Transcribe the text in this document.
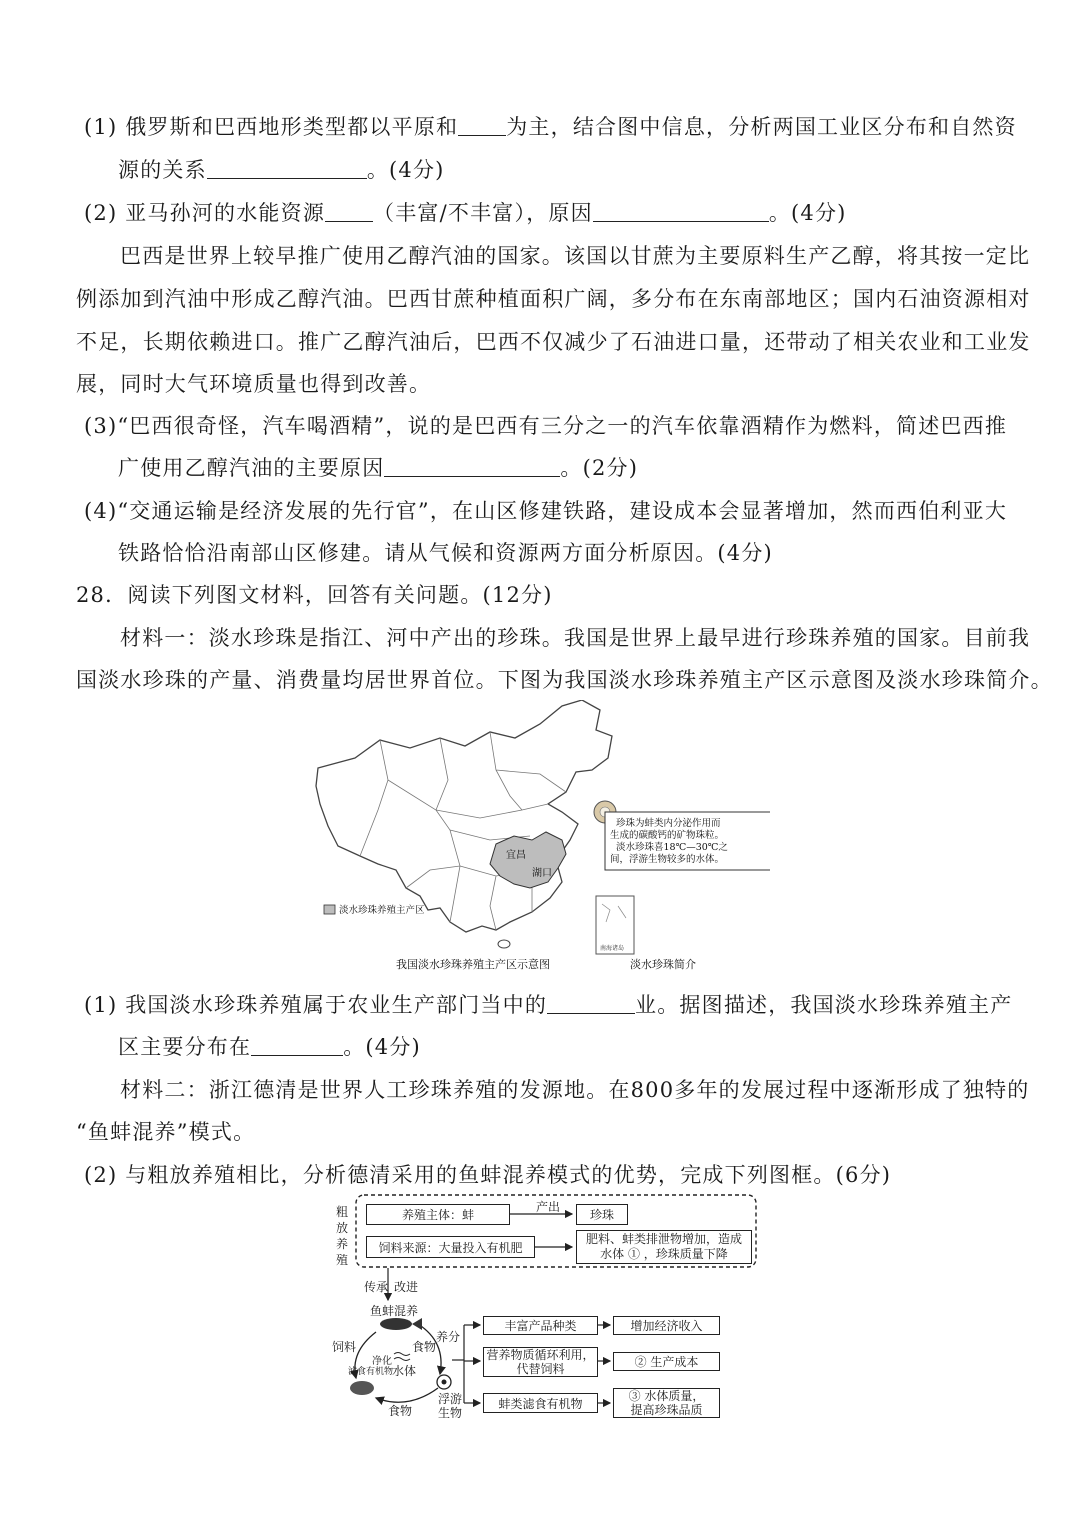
(1) 俄罗斯和巴西地形类型都以平原和 为主，结合图中信息，分析两国工业区分布和自然资
源的关系	。(4分)
(2) 亚马孙河的水能资源 （丰富/不丰富），原因	。(4分)
巴西是世界上较早推广使用乙醇汽油的国家。该国以甘蔗为主要原料生产乙醇，将其按一定比
例添加到汽油中形成乙醇汽油。巴西甘蔗种植面积广阔，多分布在东南部地区；国内石油资源相对
不足，长期依赖进口。推广乙醇汽油后，巴西不仅减少了石油进口量，还带动了相关农业和工业发
展，同时大气环境质量也得到改善。
(3)“巴西很奇怪，汽车喝酒精”，说的是巴西有三分之一的汽车依靠酒精作为燃料，简述巴西推
广使用乙醇汽油的主要原因	。(2分)
(4)“交通运输是经济发展的先行官”，在山区修建铁路，建设成本会显著增加，然而西伯利亚大
铁路恰恰沿南部山区修建。请从气候和资源两方面分析原因。(4分)
28．阅读下列图文材料，回答有关问题。(12分)
材料一：淡水珍珠是指江、河中产出的珍珠。我国是世界上最早进行珍珠养殖的国家。目前我
国淡水珍珠的产量、消费量均居世界首位。下图为我国淡水珍珠养殖主产区示意图及淡水珍珠简介。
宜昌
湖口
淡水珍珠养殖主产区
南海诸岛
珍珠为蚌类内分泌作用而
生成的碳酸钙的矿物珠粒。
淡水珍珠喜18℃—30℃之
间，浮游生物较多的水体。
我国淡水珍珠养殖主产区示意图	淡水珍珠简介
(1) 我国淡水珍珠养殖属于农业生产部门当中的	业。据图描述，我国淡水珍珠养殖主产
区主要分布在	。(4分)
材料二：浙江德清是世界人工珍珠养殖的发源地。在800多年的发展过程中逐渐形成了独特的
“鱼蚌混养”模式。
(2) 与粗放养殖相比，分析德清采用的鱼蚌混养模式的优势，完成下列图框。(6分)
粗
放
养
殖
养殖主体：蚌
产出
珍珠
饲料来源：大量投入有机肥
肥料、蚌类排泄物增加，造成
水体 ① ，珍珠质量下降
传承 改进
鱼蚌混养
饲料	食物
净化
水体
滤食有机物
养分
浮游
生物
食物
丰富产品种类
营养物质循环利用，
代替饲料
蚌类滤食有机物
增加经济收入
② 生产成本
③ 水体质量，
提高珍珠品质
